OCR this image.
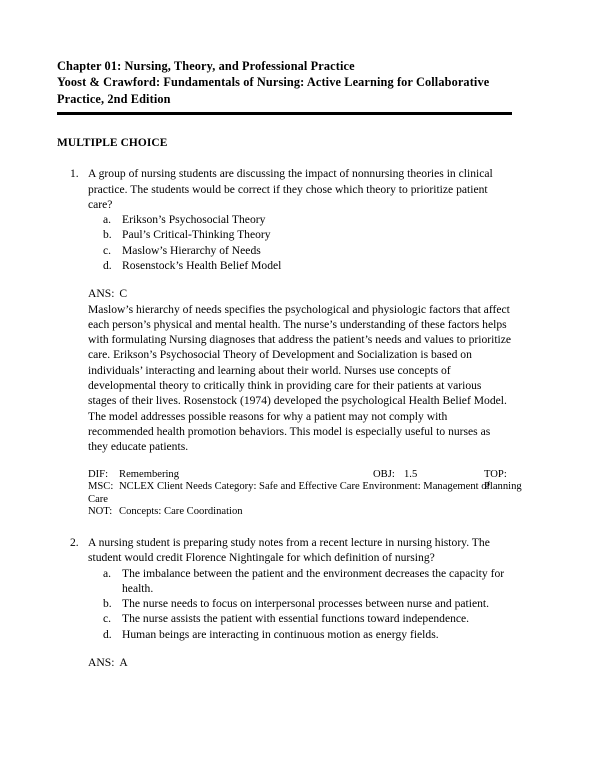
Chapter 01: Nursing, Theory, and Professional Practice
Yoost & Crawford: Fundamentals of Nursing: Active Learning for Collaborative
Practice, 2nd Edition
MULTIPLE CHOICE
1. A group of nursing students are discussing the impact of nonnursing theories in clinical practice. The students would be correct if they chose which theory to prioritize patient care?
a. Erikson’s Psychosocial Theory
b. Paul’s Critical-Thinking Theory
c. Maslow’s Hierarchy of Needs
d. Rosenstock’s Health Belief Model
ANS: C
Maslow’s hierarchy of needs specifies the psychological and physiologic factors that affect each person’s physical and mental health. The nurse’s understanding of these factors helps with formulating Nursing diagnoses that address the patient’s needs and values to prioritize care. Erikson’s Psychosocial Theory of Development and Socialization is based on individuals’ interacting and learning about their world. Nurses use concepts of developmental theory to critically think in providing care for their patients at various stages of their lives. Rosenstock (1974) developed the psychological Health Belief Model. The model addresses possible reasons for why a patient may not comply with recommended health promotion behaviors. This model is especially useful to nurses as they educate patients.
DIF: Remembering	OBJ: 1.5	TOP:Planning
MSC: NCLEX Client Needs Category: Safe and Effective Care Environment: Management of Care
NOT: Concepts: Care Coordination
2. A nursing student is preparing study notes from a recent lecture in nursing history. The student would credit Florence Nightingale for which definition of nursing?
a. The imbalance between the patient and the environment decreases the capacity for health.
b. The nurse needs to focus on interpersonal processes between nurse and patient.
c. The nurse assists the patient with essential functions toward independence.
d. Human beings are interacting in continuous motion as energy fields.
ANS: A
